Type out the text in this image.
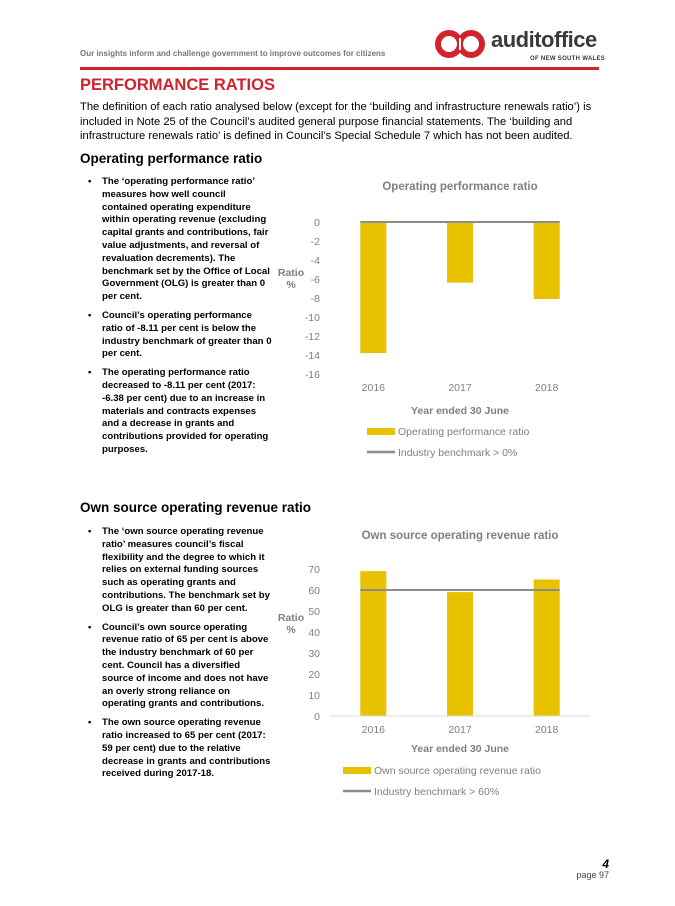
Our insights inform and challenge government to improve outcomes for citizens
auditoffice
OF NEW SOUTH WALES
PERFORMANCE RATIOS
The definition of each ratio analysed below (except for the ‘building and infrastructure renewals ratio’) is included in Note 25 of the Council’s audited general purpose financial statements. The ‘building and infrastructure renewals ratio’ is defined in Council’s Special Schedule 7 which has not been audited.
Operating performance ratio
• The ‘operating performance ratio’ measures how well council contained operating expenditure within operating revenue (excluding capital grants and contributions, fair value adjustments, and reversal of revaluation decrements). The benchmark set by the Office of Local Government (OLG) is greater than 0 per cent.
• Council’s operating performance ratio of -8.11 per cent is below the industry benchmark of greater than 0 per cent.
• The operating performance ratio decreased to -8.11 per cent (2017: -6.38 per cent) due to an increase in materials and contracts expenses and a decrease in grants and contributions provided for operating purposes.
Operating performance ratio
0
-2
-4
-6
-8
-10
-12
-14
-16
Ratio
%
2016	2017	2018
Year ended 30 June
Operating performance ratio
Industry benchmark > 0%
Own source operating revenue ratio
• The ‘own source operating revenue ratio’ measures council’s fiscal flexibility and the degree to which it relies on external funding sources such as operating grants and contributions. The benchmark set by OLG is greater than 60 per cent.
• Council’s own source operating revenue ratio of 65 per cent is above the industry benchmark of 60 per cent. Council has a diversified source of income and does not have an overly strong reliance on operating grants and contributions.
• The own source operating revenue ratio increased to 65 per cent (2017: 59 per cent) due to the relative decrease in grants and contributions received during 2017-18.
Own source operating revenue ratio
0
10
20
30
40
50
60
70
Ratio
%
2016	2017	2018
Year ended 30 June
Own source operating revenue ratio
Industry benchmark > 60%
4
page 97
